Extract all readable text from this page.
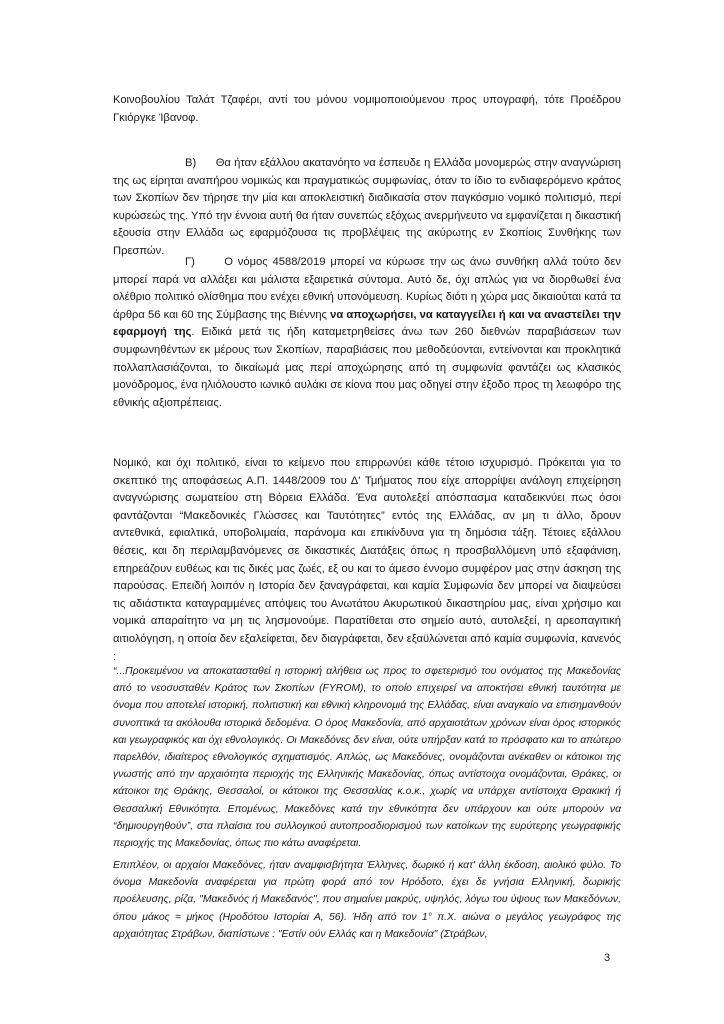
Κοινοβουλίου Ταλάτ Τζαφέρι, αντί του μόνου νομιμοποιούμενου προς υπογραφή, τότε Προέδρου Γκιόργκε Ίβανοφ.

Β)      Θα ήταν εξάλλου ακατανόητο να έσπευδε η Ελλάδα μονομερώς στην αναγνώριση της ως είρηται αναπήρου νομικώς και πραγματικώς συμφωνίας, όταν το ίδιο το ενδιαφερόμενο κράτος των Σκοπίων δεν τήρησε την μία και αποκλειστική διαδικασία στον παγκόσμιο νομικό πολιτισμό, περί κυρώσεώς της. Υπό την έννοια αυτή θα ήταν συνεπώς εξόχως ανερμήνευτο να εμφανίζεται η δικαστική εξουσία στην Ελλάδα ως εφαρμόζουσα τις προβλέψεις της ακύρωτης εν Σκοπίοις Συνθήκης των Πρεσπών.

Γ)      Ο νόμος 4588/2019 μπορεί να κύρωσε την ως άνω συνθήκη αλλά τούτο δεν μπορεί παρά να αλλάξει και μάλιστα εξαιρετικά σύντομα. Αυτό δε, όχι απλώς για να διορθωθεί ένα ολέθριο πολιτικό ολίσθημα που ενέχει εθνική υπονόμευση. Κυρίως διότι η χώρα μας δικαιούται κατά τα άρθρα 56 και 60 της Σύμβασης της Βιέννης να αποχωρήσει, να καταγγείλει ή και να αναστείλει την εφαρμογή της. Ειδικά μετά τις ήδη καταμετρηθείσες άνω των 260 διεθνών παραβιάσεων των συμφωνηθέντων εκ μέρους των Σκοπίων, παραβιάσεις που μεθοδεύονται, εντείνονται και προκλητικά πολλαπλασιάζονται, το δικαίωμά μας περί αποχώρησης από τη συμφωνία φαντάζει ως κλασικός μονόδρομος, ένα ηλιόλουστο ιωνικό αυλάκι σε κίονα που μας οδηγεί στην έξοδο προς τη λεωφόρο της εθνικής αξιοπρέπειας.

Νομικό, και όχι πολιτικό, είναι το κείμενο που επιρρωνύει κάθε τέτοιο ισχυρισμό. Πρόκειται για το σκεπτικό της αποφάσεως Α.Π. 1448/2009 του Δ' Τμήματος που είχε απορρίψει ανάλογη επιχείρηση αναγνώρισης σωματείου στη Βόρεια Ελλάδα. Ένα αυτολεξεί απόσπασμα καταδεικνύει πως όσοι φαντάζονται “Μακεδονικές Γλώσσες και Ταυτότητες” εντός της Ελλάδας, αν μη τι άλλο, δρουν αντεθνικά, εφιαλτικά, υποβολιμαία, παράνομα και επικίνδυνα για τη δημόσια τάξη. Τέτοιες εξάλλου θέσεις, και δη περιλαμβανόμενες σε δικαστικές Διατάξεις όπως η προσβαλλόμενη υπό εξαφάνιση, επηρεάζουν ευθέως και τις δικές μας ζωές, εξ ου και το άμεσο έννομο συμφέρον μας στην άσκηση της παρούσας. Επειδή λοιπόν η Ιστορία δεν ξαναγράφεται, και καμία Συμφωνία δεν μπορεί να διαψεύσει τις αδιάστικτα καταγραμμένες απόψεις του Ανωτάτου Ακυρωτικού δικαστηρίου μας, είναι χρήσιμο και νομικά απαραίτητο να μη τις λησμονούμε. Παρατίθεται στο σημείο αυτό, αυτολεξεί, η αρεοπαγιτική αιτιολόγηση, η οποία δεν εξαλείφεται, δεν διαγράφεται, δεν εξαϋλώνεται από καμία συμφωνία, κανενός :

“...Προκειμένου να αποκατασταθεί η ιστορική αλήθεια ως προς το σφετερισμό του ονόματος της Μακεδονίας από το νεοσυσταθέν Κράτος των Σκοπίων (FYROM), το οποίο επιχειρεί να αποκτήσει εθνική ταυτότητα με όνομα που αποτελεί ιστορική, πολιτιστική και εθνική κληρονομιά της Ελλάδας, είναι αναγκαίο να επισημανθούν συνοπτικά τα ακόλουθα ιστορικά δεδομένα. Ο όρος Μακεδονία, από αρχαιοτάτων χρόνων είναι όρος ιστορικός και γεωγραφικός και όχι εθνολογικός. Οι Μακεδόνες δεν είναι, ούτε υπήρξαν κατά το πρόσφατο και το απώτερο παρελθόν, ιδιαίτερος εθνολογικός σχηματισμός. Απλώς, ως Μακεδόνες, ονομάζονται ανέκαθεν οι κάτοικοι της γνωστής από την αρχαιότητα περιοχής της Ελληνικής Μακεδονίας, όπως αντίστοιχα ονομάζονται, Θράκες, οι κάτοικοι της Θράκης, Θεσσαλοί, οι κάτοικοι της Θεσσαλίας κ.ο.κ., χωρίς να υπάρχει αντίστοιχα Θρακική ή Θεσσαλική Εθνικότητα. Επομένως, Μακεδόνες κατά την εθνικότητα δεν υπάρχουν και ούτε μπορούν να “δημιουργηθούν”, στα πλαίσια του συλλογικού αυτοπροσδιορισμού των κατοίκων της ευρύτερης γεωγραφικής περιοχής της Μακεδονίας, όπως πιο κάτω αναφέρεται.

Επιπλέον, οι αρχαίοι Μακεδόνες, ήταν αναμφισβήτητα Έλληνες, δωρικό ή κατ' άλλη έκδοση, αιολικό φύλο. Το όνομα Μακεδονία αναφέρεται για πρώτη φορά από τον Ηρόδοτο, έχει δε γνήσια Ελληνική, δωρικής προέλευσης, ρίζα, "Μακεδνός ή Μακεδανός", που σημαίνει μακρύς, υψηλός, λόγω του ύψους των Μακεδόνων, όπου μάκος = μήκος (Ηροδότου Ιστορίαι Α, 56). Ήδη από τον 1° π.Χ. αιώνα ο μεγάλος γεωγράφος της αρχαιότητας Στράβων, διαπίστωνε : "Εστίν ούν Ελλάς και η Μακεδονία" (Στράβων,

3
